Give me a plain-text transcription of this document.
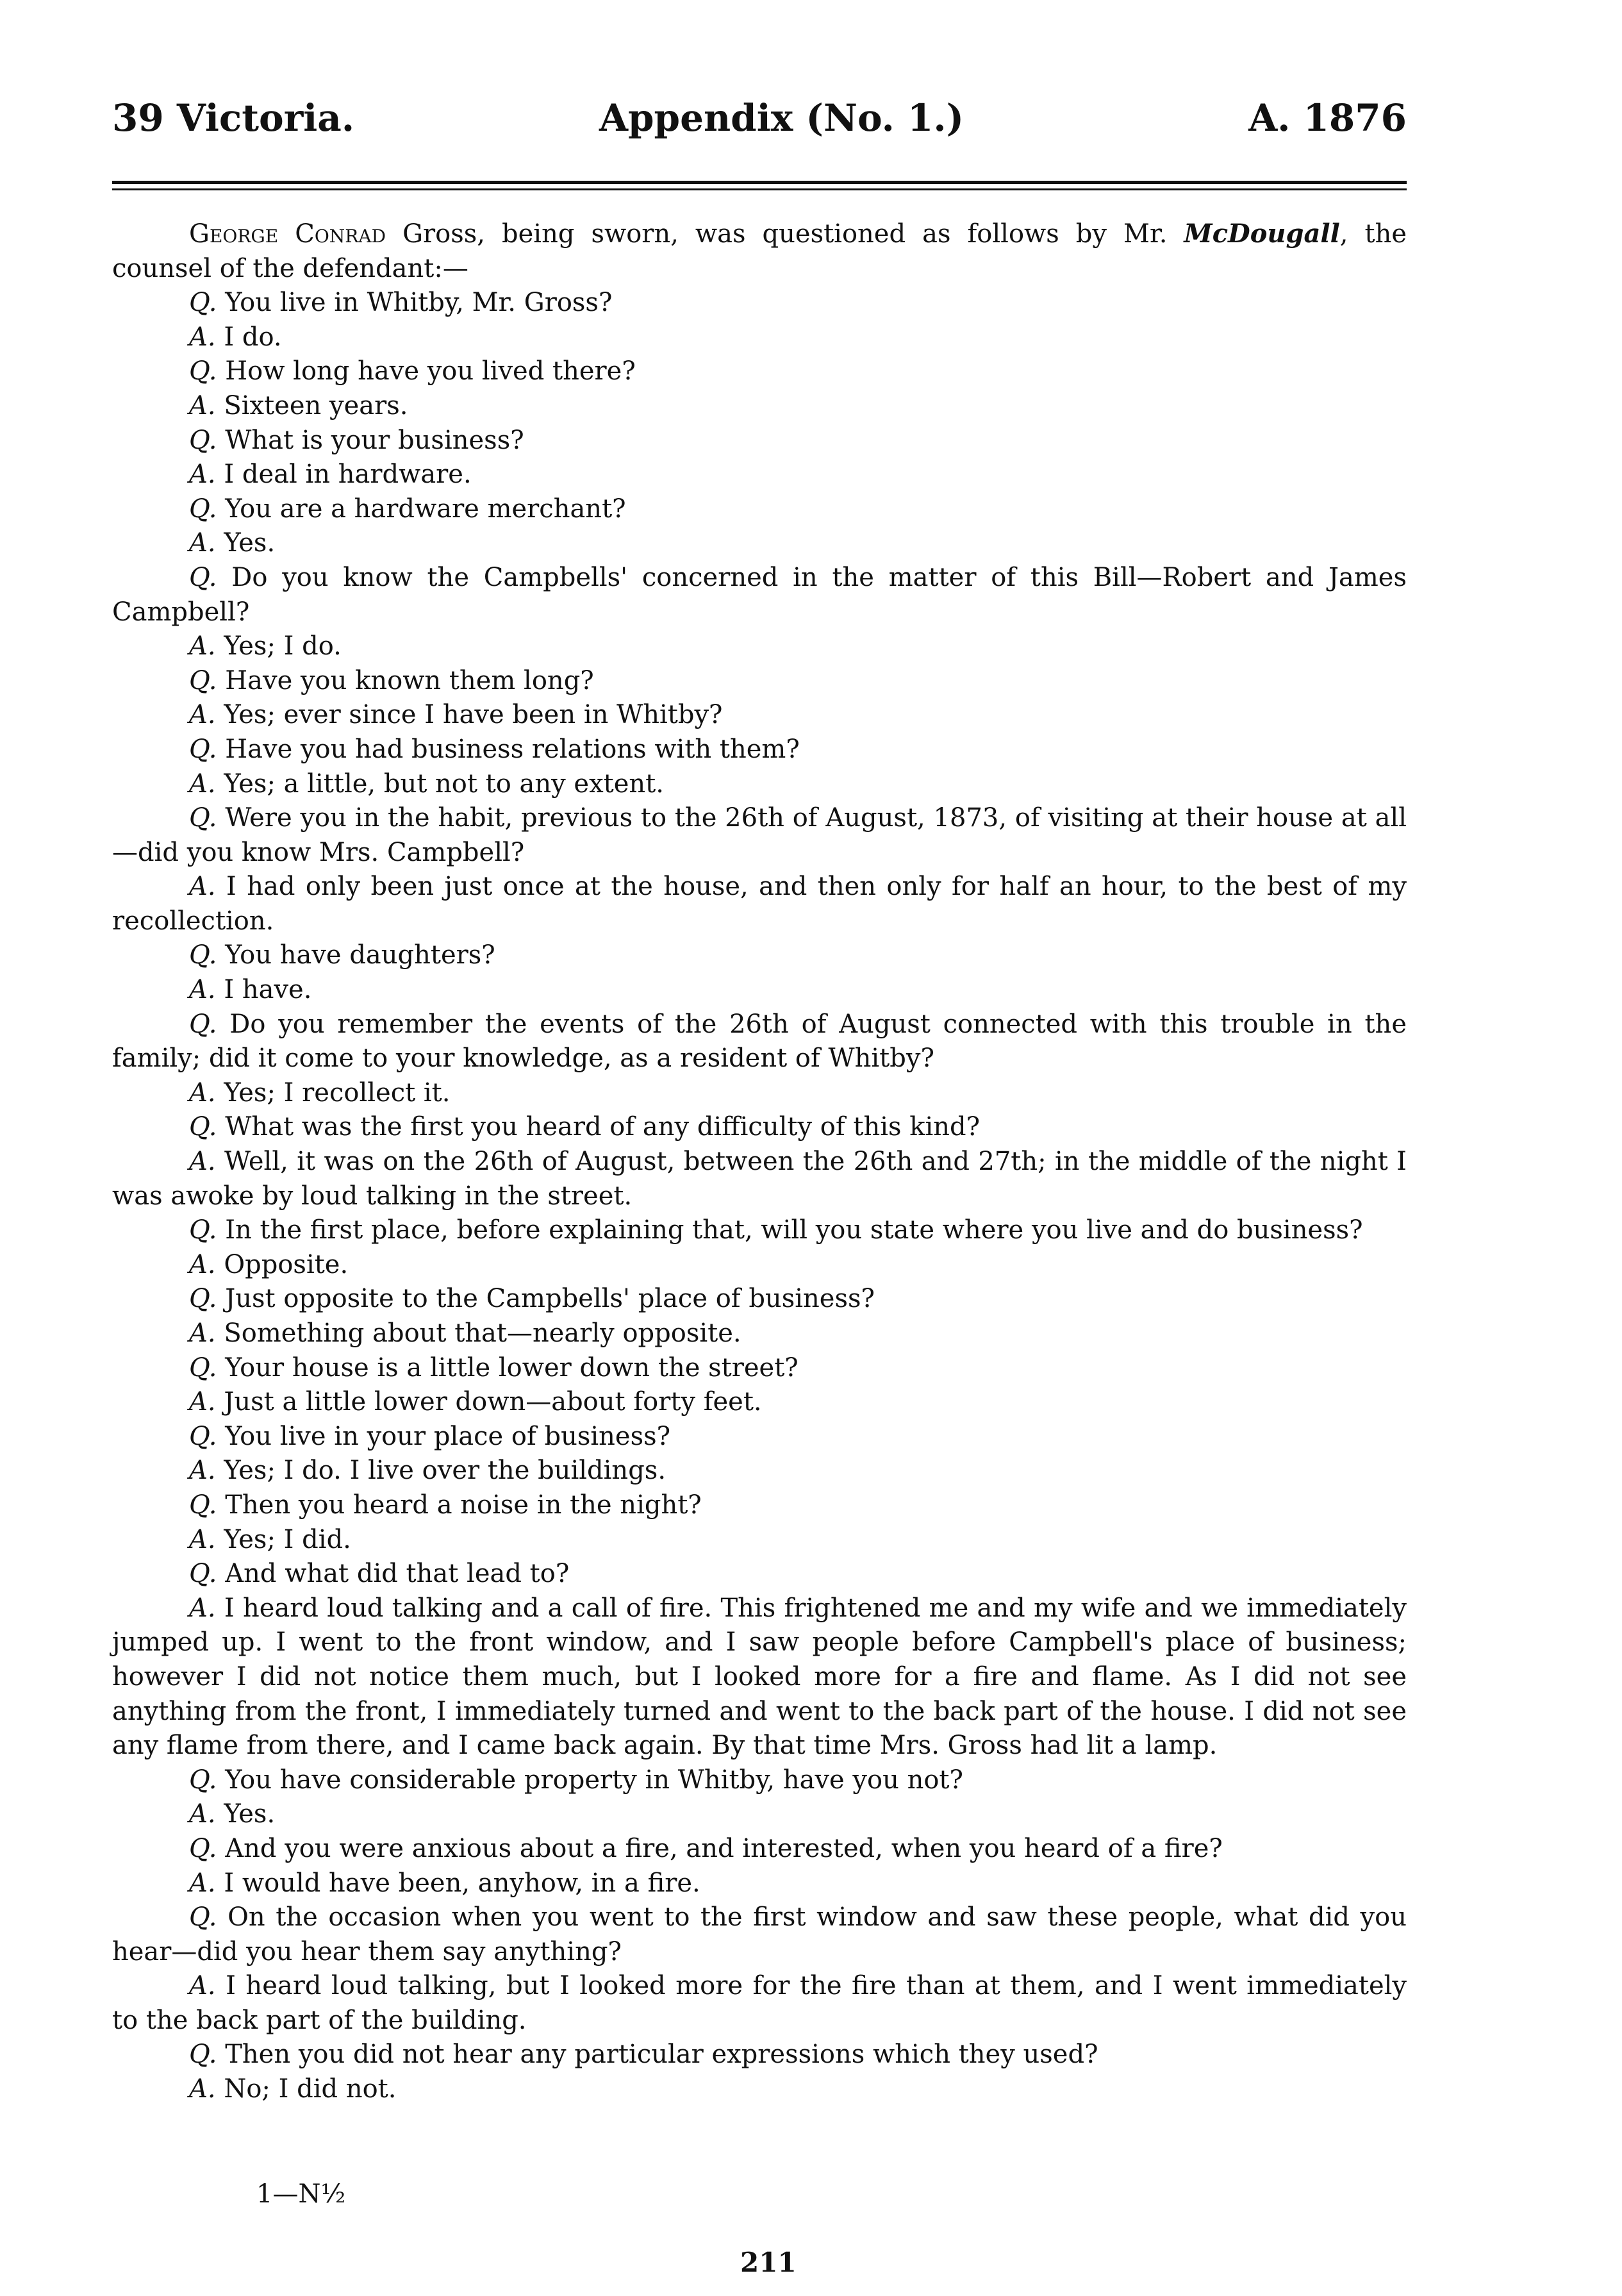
39 Victoria.	Appendix (No. 1.)	A. 1876

George Conrad Gross, being sworn, was questioned as follows by Mr. McDougall, the counsel of the defendant:—

Q. You live in Whitby, Mr. Gross?

A. I do.

Q. How long have you lived there?

A. Sixteen years.

Q. What is your business?

A. I deal in hardware.

Q. You are a hardware merchant?

A. Yes.

Q. Do you know the Campbells' concerned in the matter of this Bill—Robert and James Campbell?

A. Yes; I do.

Q. Have you known them long?

A. Yes; ever since I have been in Whitby?

Q. Have you had business relations with them?

A. Yes; a little, but not to any extent.

Q. Were you in the habit, previous to the 26th of August, 1873, of visiting at their house at all—did you know Mrs. Campbell?

A. I had only been just once at the house, and then only for half an hour, to the best of my recollection.

Q. You have daughters?

A. I have.

Q. Do you remember the events of the 26th of August connected with this trouble in the family; did it come to your knowledge, as a resident of Whitby?

A. Yes; I recollect it.

Q. What was the first you heard of any difficulty of this kind?

A. Well, it was on the 26th of August, between the 26th and 27th; in the middle of the night I was awoke by loud talking in the street.

Q. In the first place, before explaining that, will you state where you live and do business?

A. Opposite.

Q. Just opposite to the Campbells' place of business?

A. Something about that—nearly opposite.

Q. Your house is a little lower down the street?

A. Just a little lower down—about forty feet.

Q. You live in your place of business?

A. Yes; I do. I live over the buildings.

Q. Then you heard a noise in the night?

A. Yes; I did.

Q. And what did that lead to?

A. I heard loud talking and a call of fire. This frightened me and my wife and we immediately jumped up. I went to the front window, and I saw people before Campbell's place of business; however I did not notice them much, but I looked more for a fire and flame. As I did not see anything from the front, I immediately turned and went to the back part of the house. I did not see any flame from there, and I came back again. By that time Mrs. Gross had lit a lamp.

Q. You have considerable property in Whitby, have you not?

A. Yes.

Q. And you were anxious about a fire, and interested, when you heard of a fire?

A. I would have been, anyhow, in a fire.

Q. On the occasion when you went to the first window and saw these people, what did you hear—did you hear them say anything?

A. I heard loud talking, but I looked more for the fire than at them, and I went immediately to the back part of the building.

Q. Then you did not hear any particular expressions which they used?

A. No; I did not.

1—N½
211
